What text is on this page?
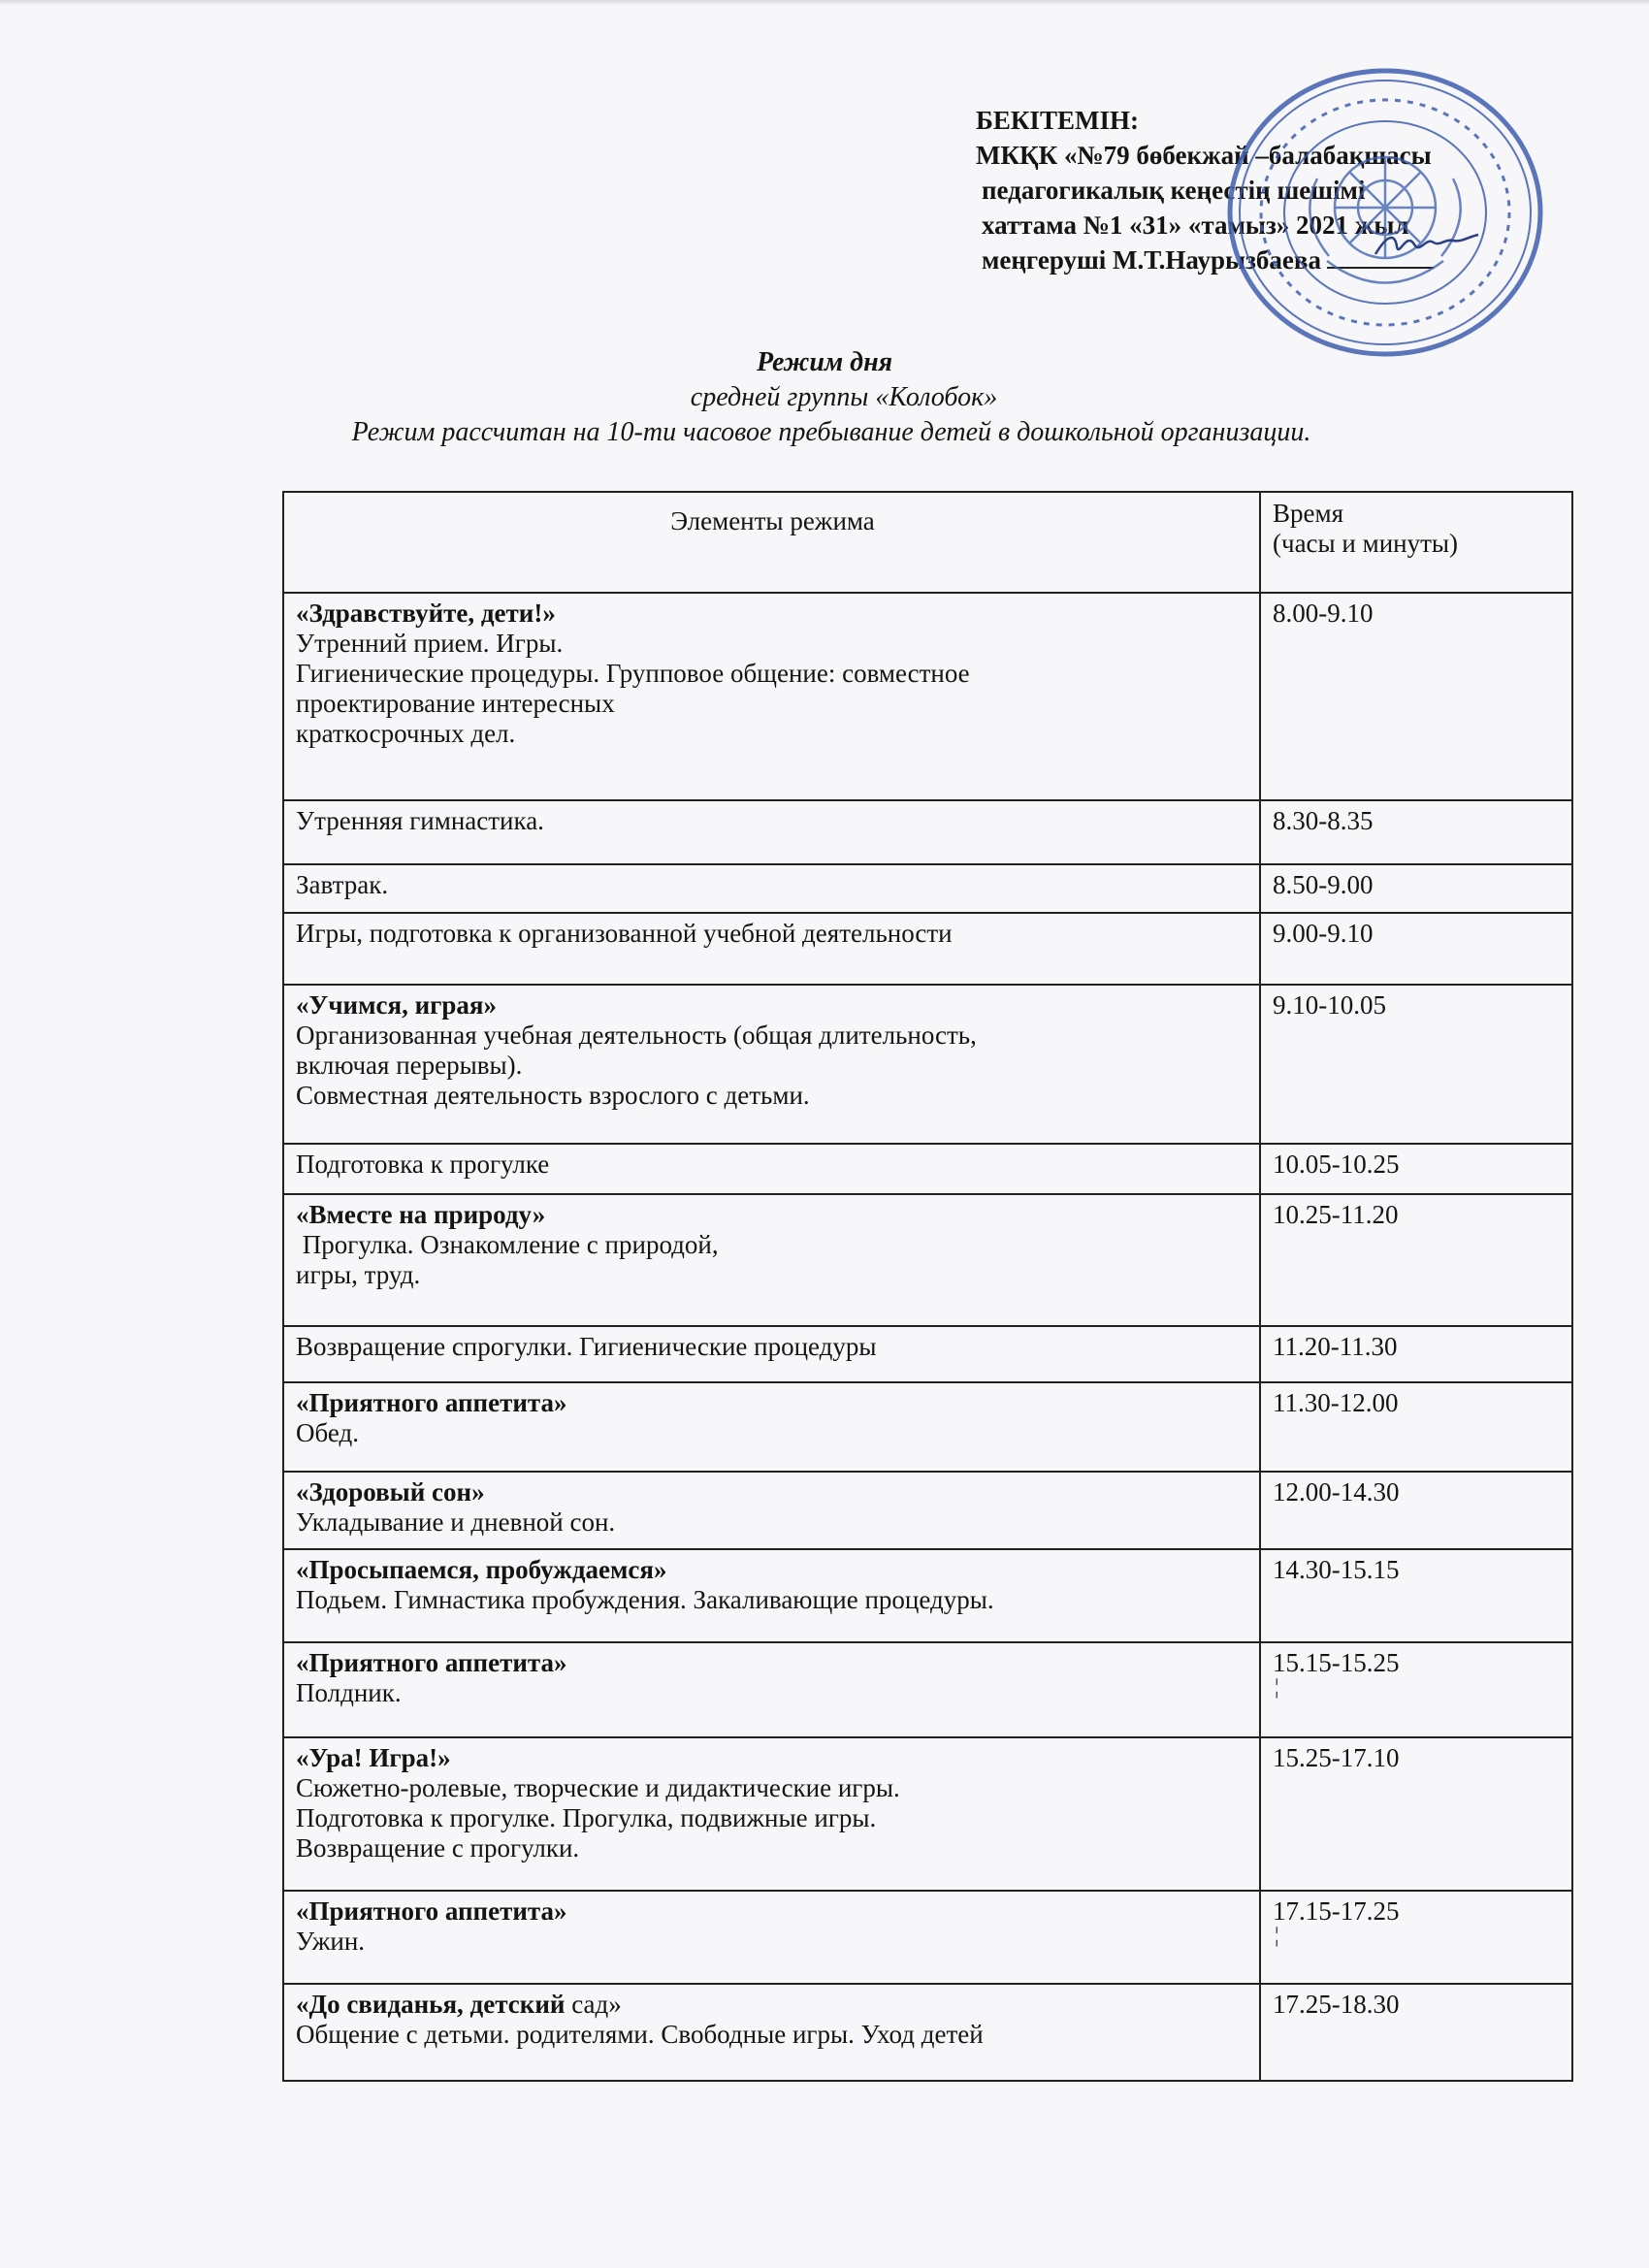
БЕКІТЕМІН:
МКҚК «№79 бөбекжай –балабақшасы
педагогикалық кеңестің шешімі
хаттама №1 «31» «тамыз» 2021 жыл
меңгеруші М.Т.Наурызбаева
Режим дня
средней группы «Колобок»
Режим рассчитан на 10-ти часовое пребывание детей в дошкольной организации.
Элементы режима	Время
(часы и минуты)

«Здравствуйте, дети!»
Утренний прием. Игры.
Гигиенические процедуры. Групповое общение: совместное
проектирование интересных
краткосрочных дел.	8.00-9.10

Утренняя гимнастика.	8.30-8.35

Завтрак.	8.50-9.00

Игры, подготовка к организованной учебной деятельности	9.00-9.10

«Учимся, играя»
Организованная учебная деятельность (общая длительность,
включая перерывы).
Совместная деятельность взрослого с детьми.	9.10-10.05

Подготовка к прогулке	10.05-10.25

«Вместе на природу»
Прогулка. Ознакомление с природой,
игры, труд.	10.25-11.20

Возвращение спрогулки. Гигиенические процедуры	11.20-11.30

«Приятного аппетита»
Обед.	11.30-12.00

«Здоровый сон»
Укладывание и дневной сон.	12.00-14.30

«Просыпаемся, пробуждаемся»
Подьем. Гимнастика пробуждения. Закаливающие процедуры.	14.30-15.15

«Приятного аппетита»
Полдник.	15.15-15.25
¦

«Ура! Игра!»
Сюжетно-ролевые, творческие и дидактические игры.
Подготовка к прогулке. Прогулка, подвижные игры.
Возвращение с прогулки.	15.25-17.10

«Приятного аппетита»
Ужин.	17.15-17.25
¦

«До свиданья, детский сад»
Общение с детьми. родителями. Свободные игры. Уход детей	17.25-18.30
